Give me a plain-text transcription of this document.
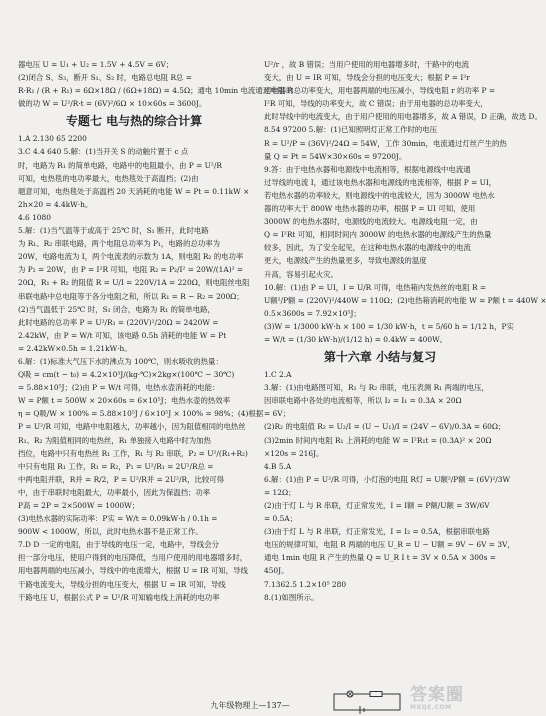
器电压 U = U₁ + U₂ = 1.5V + 4.5V = 6V；
(2)闭合 S、S₃，断开 S₁、S₂ 时，电路总电阻 R总 =
R·R₁ / (R + R₁) = 6Ω×18Ω / (6Ω+18Ω) = 4.5Ω；通电 10min 电流通过电阻 R
做的功 W = U²/R·t = (6V)²/6Ω × 10×60s = 3600J。
专题七 电与热的综合计算
1.A 2.130 65 2200
3.C 4.4 640 5.解：(1)当开关 S 的动触片置于 c 点
时，电路为 R₁ 的简单电路，电路中的电阻最小，由 P = U²/R
可知，电热毯的电功率最大，电热毯处于高温档；(2)由
题意可知，电热毯处于高温档 20 天消耗的电能 W = Pt = 0.11kW ×
2h×20 = 4.4kW·h。
4.6 1080
5.解：(1)当气温等于或高于 25℃ 时，S₁ 断开，此时电路
为 R₁、R₂ 串联电路，两个电阻总功率为 P₁，电路的总功率为
20W，电路电流为 I，两个电流表的示数为 1A，则电阻 R₂ 的电功率
为 P₂ = 20W，由 P = I²R 可知，电阻 R₂ = P₂/I² = 20W/(1A)² =
20Ω，R₁ + R₂ 的阻值 R = U/I = 220V/1A = 220Ω，则电阻丝电阻
串联电路中总电阻等于各分电阻之和，所以 R₁ = R − R₂ = 200Ω；
(2)当气温低于 25℃ 时，S₁ 闭合，电路为 R₁ 的简单电路，
此时电路的总功率 P = U²/R₁ = (220V)²/20Ω = 2420W =
2.42kW，由 P = W/t 可知，该电路 0.5h 消耗的电能 W = Pt
= 2.42kW×0.5h = 1.21kW·h。
6.解：(1)标准大气压下水的沸点为 100℃，则水吸收的热量：
Q吸 = cm(t − t₀) = 4.2×10³J/(kg·℃)×2kg×(100℃ − 30℃)
= 5.88×10⁵J；(2)由 P = W/t 可得，电热水壶消耗的电能：
W = P额 t = 500W × 20×60s = 6×10⁵J；电热水壶的热效率
η = Q吸/W × 100% = 5.88×10⁵J / 6×10⁵J × 100% = 98%；(4)根据
P = U²/R 可知，电路中电阻越大，功率越小，因为阻值相同的电热丝
R₁、R₂ 为阻值相同的电热丝，R₁ 单独接入电路中时为加热
挡位，电路中只有电热丝 R₁ 工作，R₁ 与 R₂ 串联，P₂ = U²/(R₁+R₂)
中只有电阻 R₁ 工作，R₁ = R₂，P₁ = U²/R₁ = 2U²/R总 =
中两电阻并联，R并 = R/2，P = U²/R并 = 2U²/R，比较可得
中，由于串联时电阻最大，功率最小，因此为保温挡；功率
P高 = 2P = 2×500W = 1000W；
(3)电热水器的实际功率：P实 = W/t = 0.09kW·h / 0.1h =
900W < 1000W，所以，此时电热水器不是正常工作。
7.D D 一定的电阻，由于导线的电压一定，电路中，导线会分
担一部分电压，使用户得到的电压降低，当用户使用的用电器增多时，
用电器两端的电压减小，导线中的电流增大，根据 U = IR 可知，导线
干路电流变大，导线分担的电压变大，根据 U = IR 可知，导线
干路电压 U，根据公式 P = U²/R 可知输电线上消耗的电功率
U²/r ，故 B 错误；当用户使用的用电器增多时，干路中的电流
变大，由 U = IR 可知，导线会分担的电压变大；根据 P = I²r
用电器的总功率变大，用电器两端的电压减小，导线电阻 r 的功率 P =
I²R 可知，导线的功率变大，故 C 错误；由于用电器的总功率变大，
此时导线中的电流变大，由于用户使用的用电器增多，故 A 错误，D 正确，故选 D。
8.54 97200 5.解：(1)已知照明灯正常工作时的电压
R = U²/P = (36V)²/24Ω = 54W，工作 30min，电流通过灯丝产生的热
量 Q = Pt = 54W×30×60s = 97200J。
9.答：由于电热水器和电源线中电流相等，根据电源线中电流通
过导线的电流 I，通过该电热水器和电源线的电流相等，根据 P = UI，
若电热水器的功率较大，则电源线中的电流较大，因为 3000W 电热水
器的功率大于 800W 电热水器的功率，根据 P = UI 可知，使用
3000W 的电热水器时，电源线的电流较大。电源线电阻一定，由
Q = I²Rt 可知，相同时间内 3000W 的电热水器的电源线产生的热量
较多，因此，为了安全起见，在这种电热水器的电源线中的电流
更大，电源线产生的热量更多，导致电源线的温度
升高，容易引起火灾。
10.解：(1)由 P = UI，I = U/R 可得，电热箱内发热丝的电阻 R =
U额²/P额 = (220V)²/440W = 110Ω；(2)电热箱消耗的电能 W = P额 t = 440W ×
0.5×3600s = 7.92×10⁵J；
(3)W = 1/3000 kW·h × 100 = 1/30 kW·h，t = 5/60 h = 1/12 h，P实
= W/t = (1/30 kW·h)/(1/12 h) = 0.4kW = 400W。
第十六章 小结与复习
1.C 2.A
3.解：(1)由电路图可知，R₁ 与 R₂ 串联，电压表测 R₁ 两端的电压，
因串联电路中各处的电流相等，所以 I₂ = I₁ = 0.3A × 20Ω
= 6V；
(2)R₂ 的电阻值 R₂ = U₂/I = (U − U₁)/I = (24V − 6V)/0.3A = 60Ω；
(3)2min 时间内电阻 R₁ 上消耗的电能 W = I²R₁t = (0.3A)² × 20Ω
×120s = 216J。
4.B 5.A
6.解：(1)由 P = U²/R 可得，小灯泡的电阻 R灯 = U额²/P额 = (6V)²/3W
= 12Ω；
(2)由于灯 L 与 R 串联，灯正常发光，I = I额 = P额/U额 = 3W/6V
= 0.5A；
(3)由于灯 L 与 R 串联，灯正常发光，I = I₂ = 0.5A，根据串联电路
电压的规律可知，电阻 R 两端的电压 U_R = U − U额 = 9V − 6V = 3V，
通电 1min 电阻 R 产生的热量 Q = U_R I t = 3V × 0.5A × 300s =
450J。
7.1362.5 1.2×10⁵ 280
8.(1)如图所示。
九年级物理上—137—
答案圈
MXQE.COM
